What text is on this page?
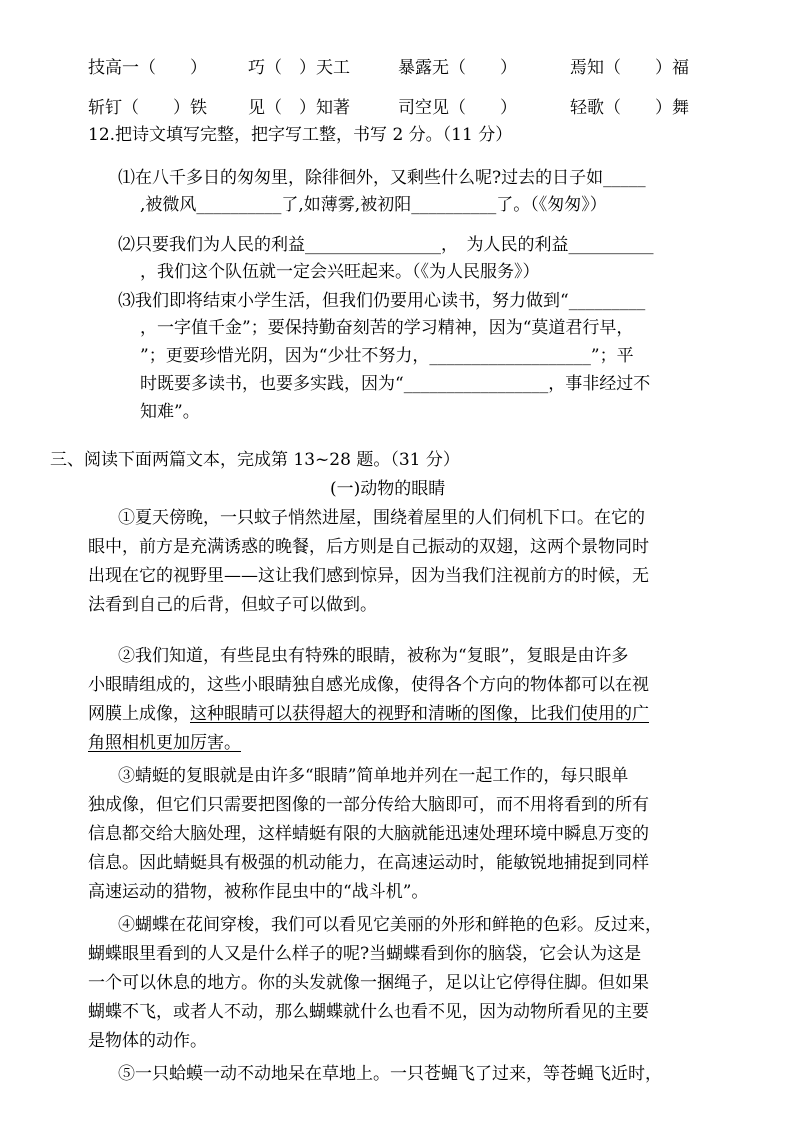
技高一（　　） 巧（　）天工	暴露无（　　）	焉知（　　）福
斩钉（　　）铁 见（　）知著	司空见（　　）	轻歌（　　）舞
12.把诗文填写完整，把字写工整，书写 2 分。（11 分）
⑴在八千多日的匆匆里，除徘徊外，又剩些什么呢?过去的日子如_____
,被微风__________了,如薄雾,被初阳__________了。（《匆匆》）
⑵只要我们为人民的利益________________，　为人民的利益__________
，我们这个队伍就一定会兴旺起来。（《为人民服务》）
⑶我们即将结束小学生活，但我们仍要用心读书，努力做到“_________
，一字值千金”；要保持勤奋刻苦的学习精神，因为“莫道君行早，
”；更要珍惜光阴，因为“少壮不努力，___________________”；平
时既要多读书，也要多实践，因为“_________________，事非经过不
知难”。
三、阅读下面两篇文本，完成第 13~28 题。（31 分）
(一)动物的眼睛
①夏天傍晚，一只蚊子悄然进屋，围绕着屋里的人们伺机下口。在它的
眼中，前方是充满诱惑的晚餐，后方则是自己振动的双翅，这两个景物同时
出现在它的视野里——这让我们感到惊异，因为当我们注视前方的时候，无
法看到自己的后背，但蚊子可以做到。
②我们知道，有些昆虫有特殊的眼睛，被称为“复眼”，复眼是由许多
小眼睛组成的，这些小眼睛独自感光成像，使得各个方向的物体都可以在视
网膜上成像，这种眼睛可以获得超大的视野和清晰的图像，比我们使用的广
角照相机更加厉害。
③蜻蜓的复眼就是由许多“眼睛”简单地并列在一起工作的，每只眼单
独成像，但它们只需要把图像的一部分传给大脑即可，而不用将看到的所有
信息都交给大脑处理，这样蜻蜓有限的大脑就能迅速处理环境中瞬息万变的
信息。因此蜻蜓具有极强的机动能力，在高速运动时，能敏锐地捕捉到同样
高速运动的猎物，被称作昆虫中的“战斗机”。
④蝴蝶在花间穿梭，我们可以看见它美丽的外形和鲜艳的色彩。反过来，
蝴蝶眼里看到的人又是什么样子的呢?当蝴蝶看到你的脑袋，它会认为这是
一个可以休息的地方。你的头发就像一捆绳子，足以让它停得住脚。但如果
蝴蝶不飞，或者人不动，那么蝴蝶就什么也看不见，因为动物所看见的主要
是物体的动作。
⑤一只蛤蟆一动不动地呆在草地上。一只苍蝇飞了过来，等苍蝇飞近时，
